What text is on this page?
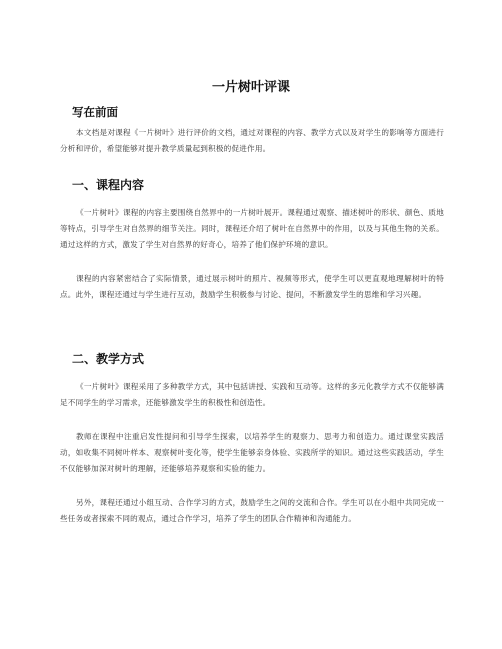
一片树叶评课
写在前面

本文档是对课程《一片树叶》进行评价的文档，通过对课程的内容、教学方式以及对学生的影响等方面进行分析和评价，希望能够对提升教学质量起到积极的促进作用。

一、课程内容

《一片树叶》课程的内容主要围绕自然界中的一片树叶展开。课程通过观察、描述树叶的形状、颜色、质地等特点，引导学生对自然界的细节关注。同时，课程还介绍了树叶在自然界中的作用，以及与其他生物的关系。通过这样的方式，激发了学生对自然界的好奇心，培养了他们保护环境的意识。

课程的内容紧密结合了实际情景，通过展示树叶的照片、视频等形式，使学生可以更直观地理解树叶的特点。此外，课程还通过与学生进行互动，鼓励学生积极参与讨论、提问，不断激发学生的思维和学习兴趣。

二、教学方式

《一片树叶》课程采用了多种教学方式，其中包括讲授、实践和互动等。这样的多元化教学方式不仅能够满足不同学生的学习需求，还能够激发学生的积极性和创造性。

教师在课程中注重启发性提问和引导学生探索，以培养学生的观察力、思考力和创造力。通过课堂实践活动，如收集不同树叶样本、观察树叶变化等，使学生能够亲身体验、实践所学的知识。通过这些实践活动，学生不仅能够加深对树叶的理解，还能够培养观察和实验的能力。

另外，课程还通过小组互动、合作学习的方式，鼓励学生之间的交流和合作。学生可以在小组中共同完成一些任务或者探索不同的观点，通过合作学习，培养了学生的团队合作精神和沟通能力。
